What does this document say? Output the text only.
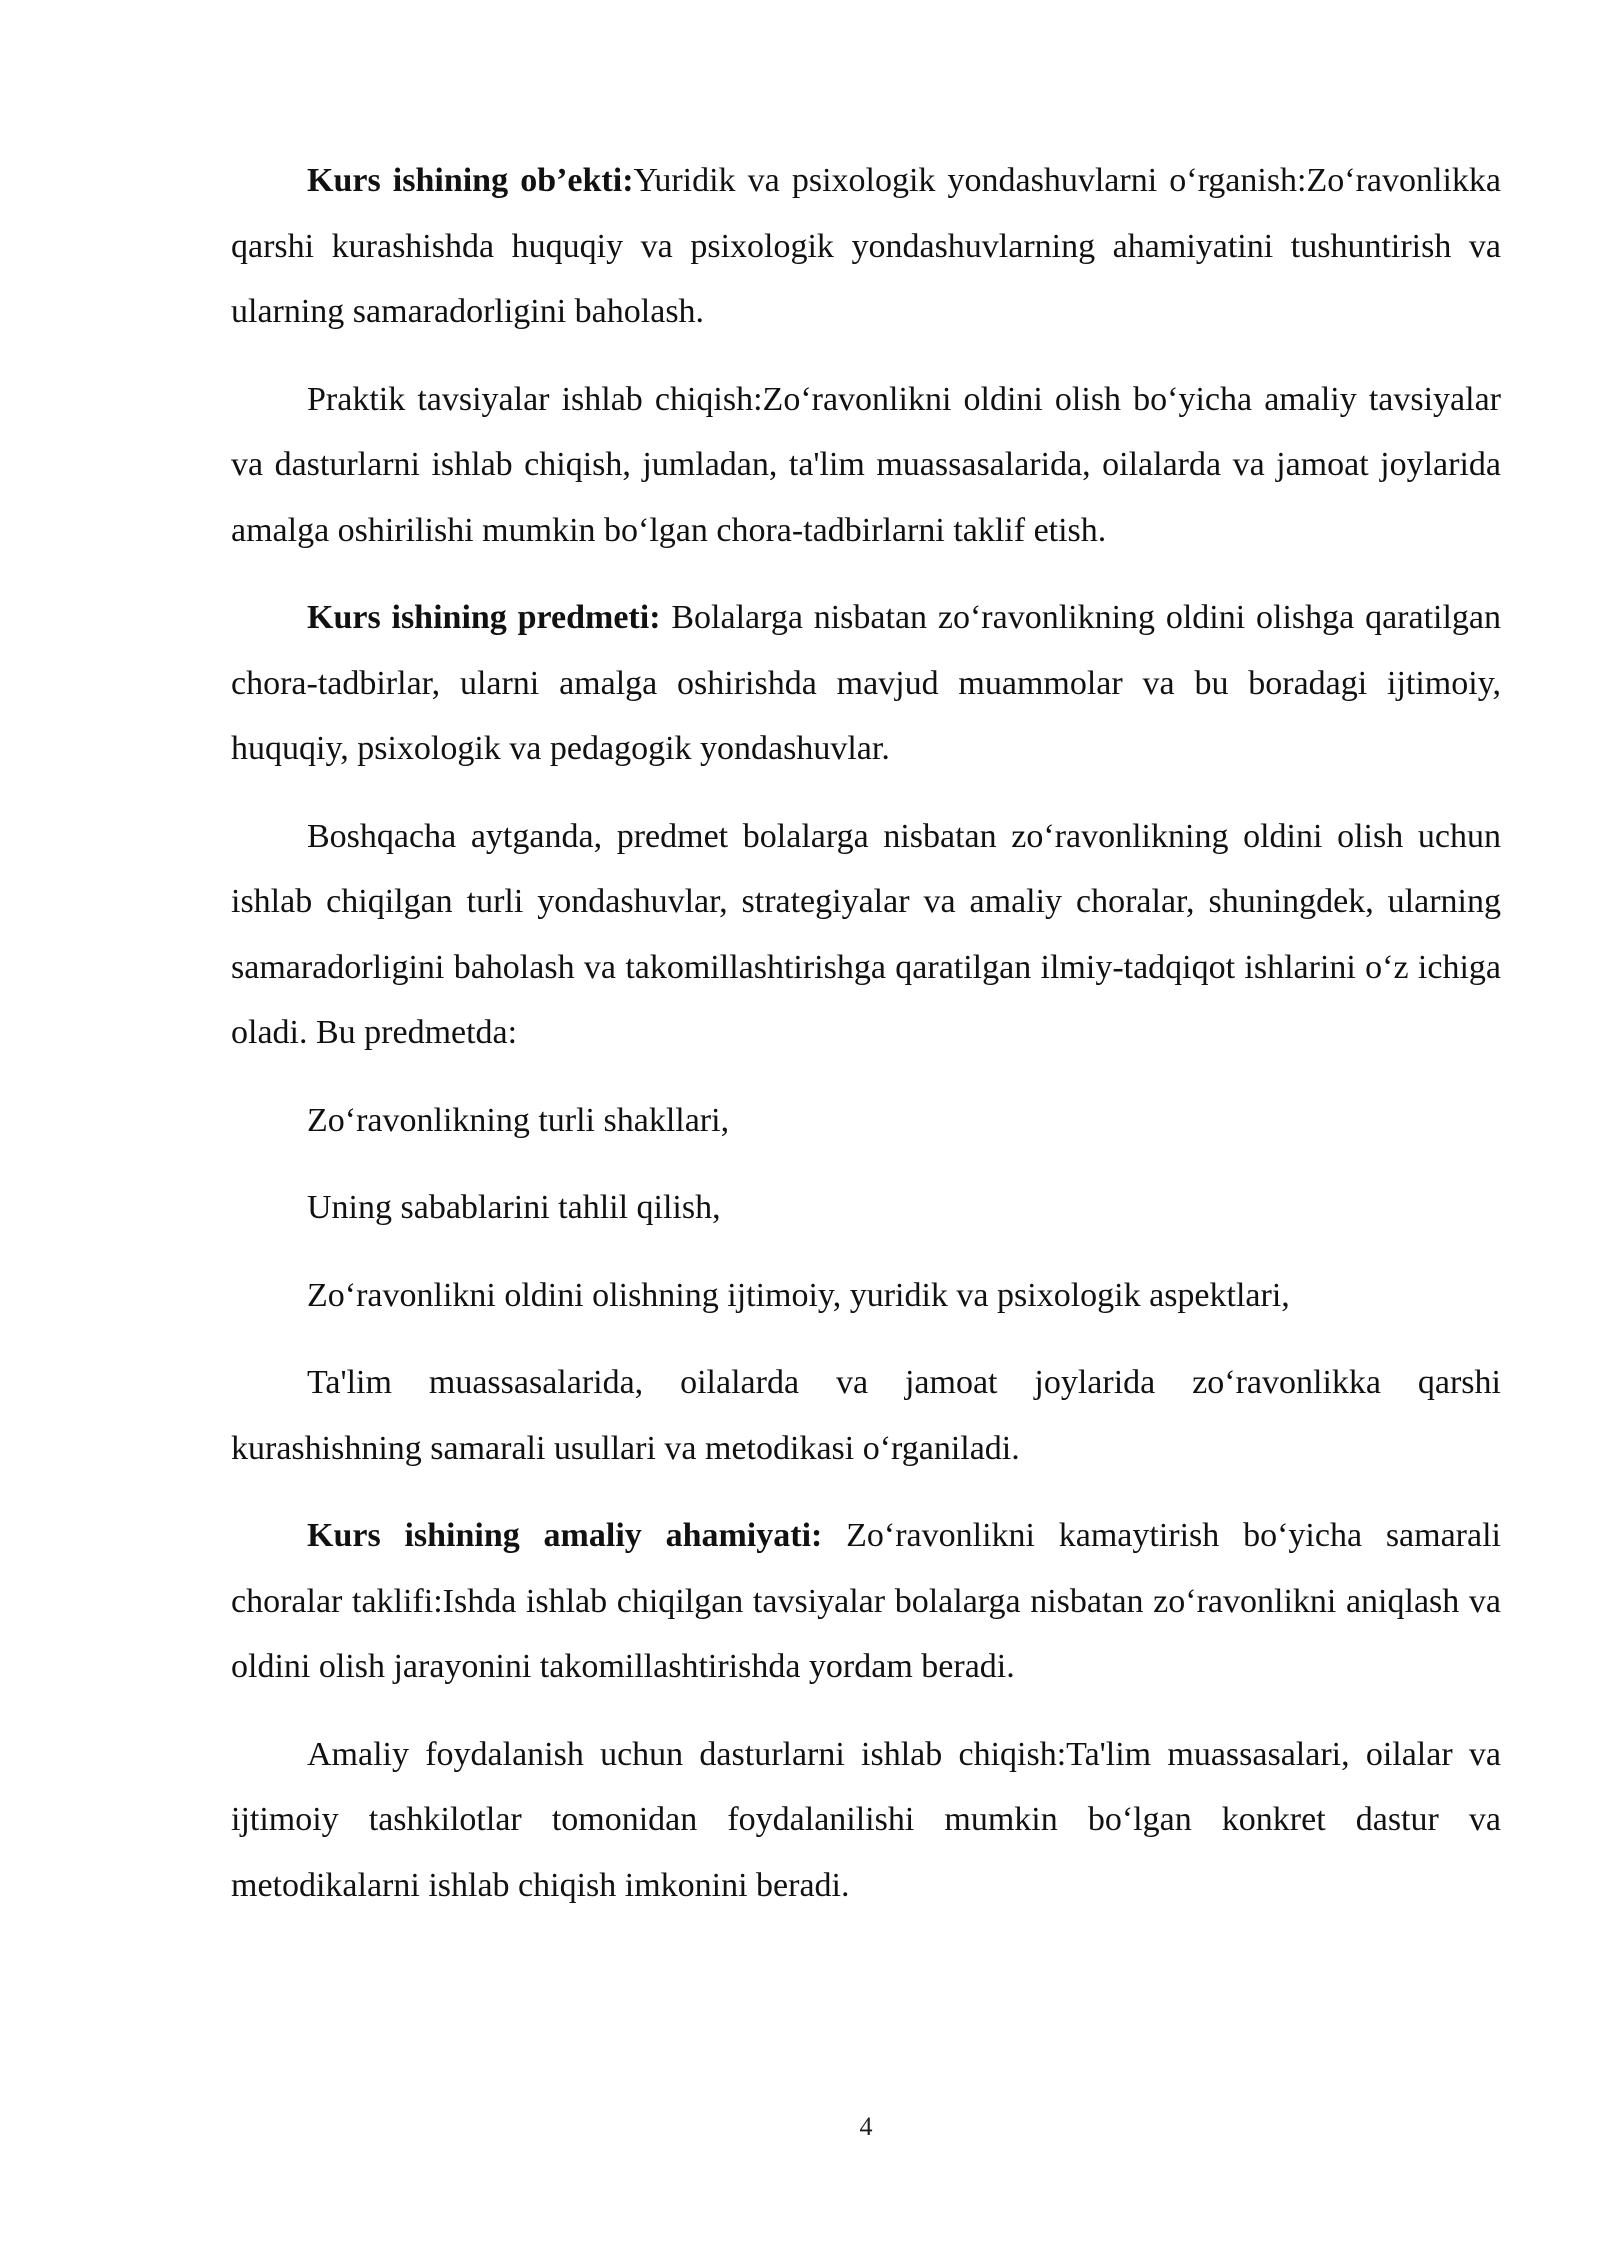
Kurs ishining ob’ekti:Yuridik va psixologik yondashuvlarni oʻrganish:Zoʻravonlikka qarshi kurashishda huquqiy va psixologik yondashuvlarning ahamiyatini tushuntirish va ularning samaradorligini baholash.

Praktik tavsiyalar ishlab chiqish:Zoʻravonlikni oldini olish boʻyicha amaliy tavsiyalar va dasturlarni ishlab chiqish, jumladan, ta'lim muassasalarida, oilalarda va jamoat joylarida amalga oshirilishi mumkin boʻlgan chora-tadbirlarni taklif etish.

Kurs ishining predmeti: Bolalarga nisbatan zoʻravonlikning oldini olishga qaratilgan chora-tadbirlar, ularni amalga oshirishda mavjud muammolar va bu boradagi ijtimoiy, huquqiy, psixologik va pedagogik yondashuvlar.

Boshqacha aytganda, predmet bolalarga nisbatan zoʻravonlikning oldini olish uchun ishlab chiqilgan turli yondashuvlar, strategiyalar va amaliy choralar, shuningdek, ularning samaradorligini baholash va takomillashtirishga qaratilgan ilmiy-tadqiqot ishlarini oʻz ichiga oladi. Bu predmetda:

Zoʻravonlikning turli shakllari,

Uning sabablarini tahlil qilish,

Zoʻravonlikni oldini olishning ijtimoiy, yuridik va psixologik aspektlari,

Ta'lim muassasalarida, oilalarda va jamoat joylarida zoʻravonlikka qarshi kurashishning samarali usullari va metodikasi oʻrganiladi.

Kurs ishining amaliy ahamiyati: Zoʻravonlikni kamaytirish boʻyicha samarali choralar taklifi:Ishda ishlab chiqilgan tavsiyalar bolalarga nisbatan zoʻravonlikni aniqlash va oldini olish jarayonini takomillashtirishda yordam beradi.

Amaliy foydalanish uchun dasturlarni ishlab chiqish:Ta'lim muassasalari, oilalar va ijtimoiy tashkilotlar tomonidan foydalanilishi mumkin boʻlgan konkret dastur va metodikalarni ishlab chiqish imkonini beradi.

4
